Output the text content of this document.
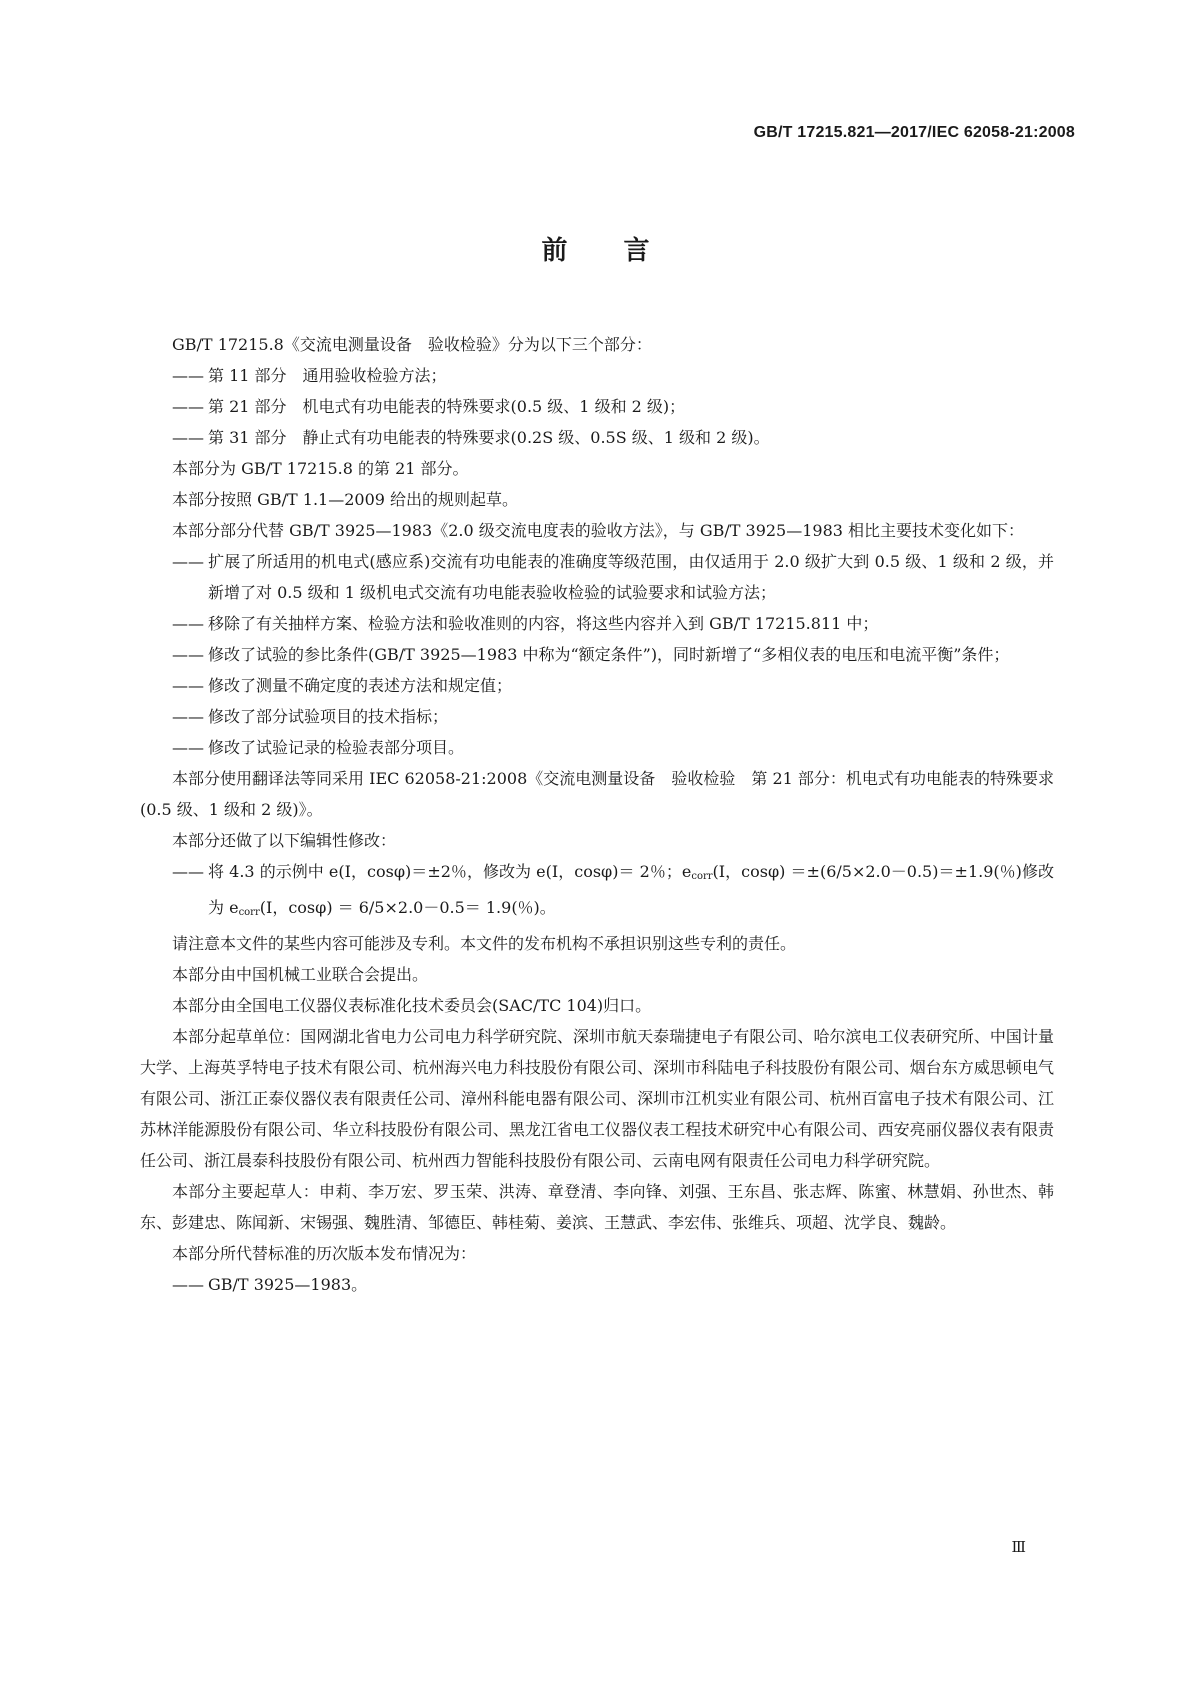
GB/T 17215.821—2017/IEC 62058-21:2008
前言

GB/T 17215.8《交流电测量设备　验收检验》分为以下三个部分：

—— 第 11 部分　通用验收检验方法；

—— 第 21 部分　机电式有功电能表的特殊要求(0.5 级、1 级和 2 级)；

—— 第 31 部分　静止式有功电能表的特殊要求(0.2S 级、0.5S 级、1 级和 2 级)。

本部分为 GB/T 17215.8 的第 21 部分。

本部分按照 GB/T 1.1—2009 给出的规则起草。

本部分部分代替 GB/T 3925—1983《2.0 级交流电度表的验收方法》，与 GB/T 3925—1983 相比主要技术变化如下：

—— 扩展了所适用的机电式(感应系)交流有功电能表的准确度等级范围，由仅适用于 2.0 级扩大到 0.5 级、1 级和 2 级，并新增了对 0.5 级和 1 级机电式交流有功电能表验收检验的试验要求和试验方法；

—— 移除了有关抽样方案、检验方法和验收准则的内容，将这些内容并入到 GB/T 17215.811 中；

—— 修改了试验的参比条件(GB/T 3925—1983 中称为“额定条件”)，同时新增了“多相仪表的电压和电流平衡”条件；

—— 修改了测量不确定度的表述方法和规定值；

—— 修改了部分试验项目的技术指标；

—— 修改了试验记录的检验表部分项目。

本部分使用翻译法等同采用 IEC 62058-21:2008《交流电测量设备　验收检验　第 21 部分：机电式有功电能表的特殊要求(0.5 级、1 级和 2 级)》。

本部分还做了以下编辑性修改：

—— 将 4.3 的示例中 e(I，cosφ)＝±2％，修改为 e(I，cosφ)＝ 2％；$e_{corr}(I$，cosφ) ＝±(6/5×2.0－0.5)＝±1.9(％)修改为 $e_{corr}(I$，cosφ) ＝ 6/5×2.0－0.5＝ 1.9(％)。

请注意本文件的某些内容可能涉及专利。本文件的发布机构不承担识别这些专利的责任。

本部分由中国机械工业联合会提出。

本部分由全国电工仪器仪表标准化技术委员会(SAC/TC 104)归口。

本部分起草单位：国网湖北省电力公司电力科学研究院、深圳市航天泰瑞捷电子有限公司、哈尔滨电工仪表研究所、中国计量大学、上海英孚特电子技术有限公司、杭州海兴电力科技股份有限公司、深圳市科陆电子科技股份有限公司、烟台东方威思顿电气有限公司、浙江正泰仪器仪表有限责任公司、漳州科能电器有限公司、深圳市江机实业有限公司、杭州百富电子技术有限公司、江苏林洋能源股份有限公司、华立科技股份有限公司、黑龙江省电工仪器仪表工程技术研究中心有限公司、西安亮丽仪器仪表有限责任公司、浙江晨泰科技股份有限公司、杭州西力智能科技股份有限公司、云南电网有限责任公司电力科学研究院。

本部分主要起草人：申莉、李万宏、罗玉荣、洪涛、章登清、李向锋、刘强、王东昌、张志辉、陈蜜、林慧娟、孙世杰、韩东、彭建忠、陈闻新、宋锡强、魏胜清、邹德臣、韩桂菊、姜滨、王慧武、李宏伟、张维兵、项超、沈学良、魏龄。

本部分所代替标准的历次版本发布情况为：

—— GB/T 3925—1983。

Ⅲ
